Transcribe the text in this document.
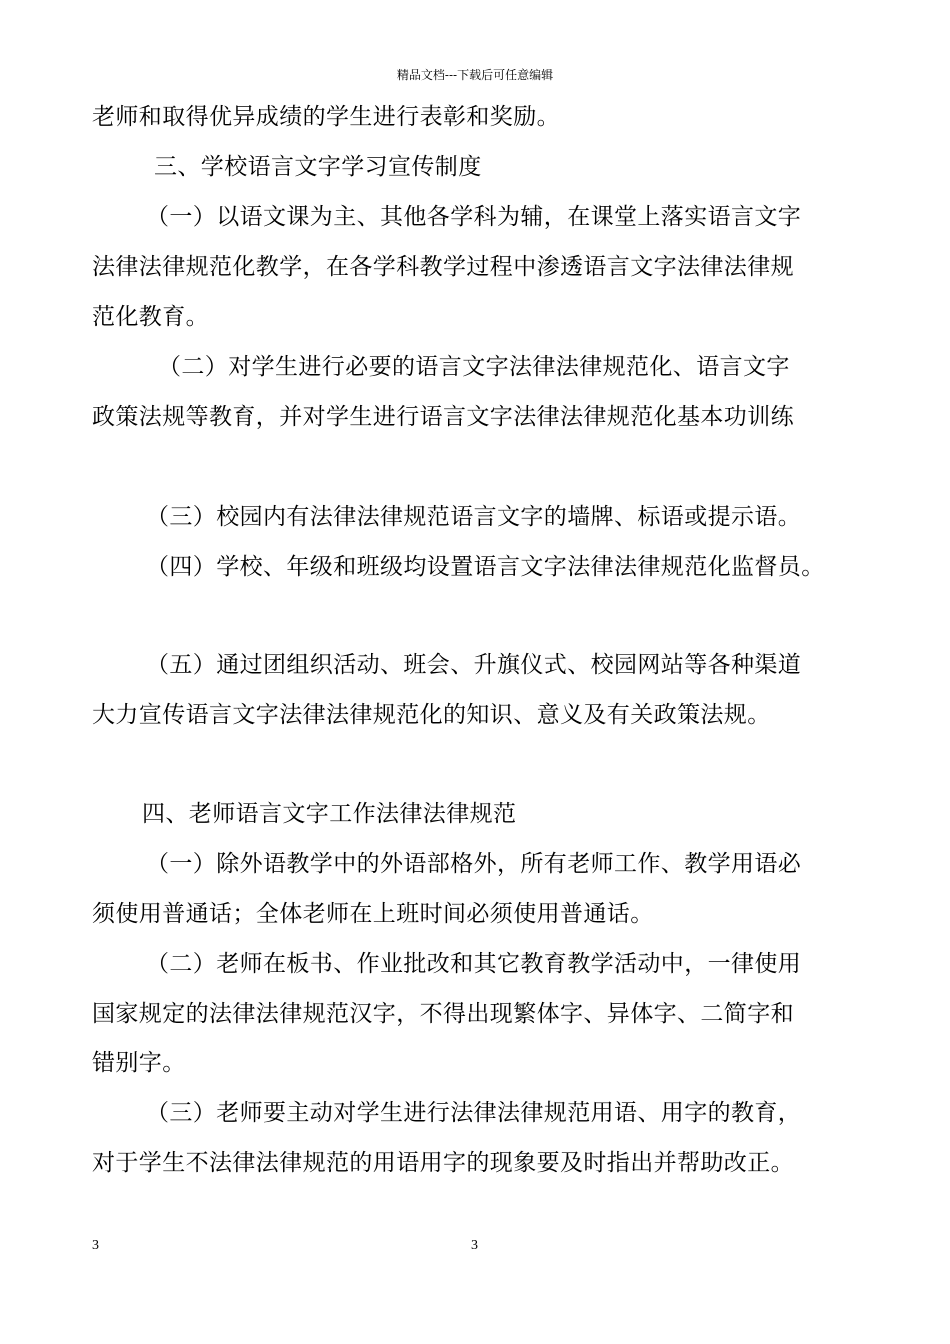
精品文档---下载后可任意编辑
老师和取得优异成绩的学生进行表彰和奖励。
三、学校语言文字学习宣传制度
（一）以语文课为主、其他各学科为辅，在课堂上落实语言文字
法律法律规范化教学，在各学科教学过程中渗透语言文字法律法律规
范化教育。
（二）对学生进行必要的语言文字法律法律规范化、语言文字
政策法规等教育，并对学生进行语言文字法律法律规范化基本功训练
（三）校园内有法律法律规范语言文字的墙牌、标语或提示语。
（四）学校、年级和班级均设置语言文字法律法律规范化监督员。
（五）通过团组织活动、班会、升旗仪式、校园网站等各种渠道
大力宣传语言文字法律法律规范化的知识、意义及有关政策法规。
四、老师语言文字工作法律法律规范
（一）除外语教学中的外语部格外，所有老师工作、教学用语必
须使用普通话；全体老师在上班时间必须使用普通话。
（二）老师在板书、作业批改和其它教育教学活动中，一律使用
国家规定的法律法律规范汉字，不得出现繁体字、异体字、二简字和
错别字。
（三）老师要主动对学生进行法律法律规范用语、用字的教育，
对于学生不法律法律规范的用语用字的现象要及时指出并帮助改正。
3	3
